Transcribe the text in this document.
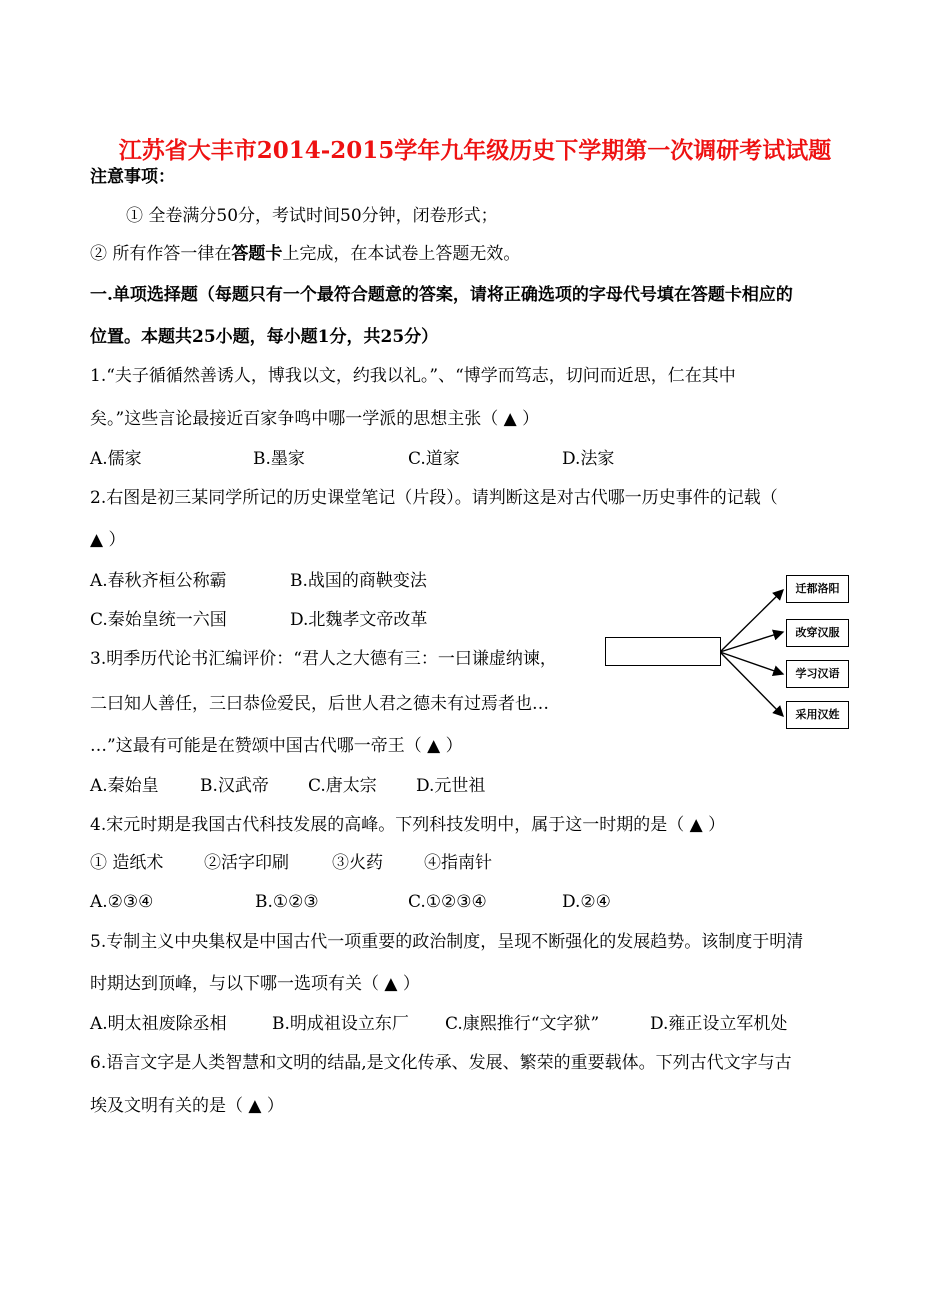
江苏省大丰市2014-2015学年九年级历史下学期第一次调研考试试题
注意事项：
① 全卷满分50分，考试时间50分钟，闭卷形式；
② 所有作答一律在答题卡上完成，在本试卷上答题无效。
一.单项选择题（每题只有一个最符合题意的答案，请将正确选项的字母代号填在答题卡相应的
位置。本题共25小题，每小题1分，共25分）
1.“夫子循循然善诱人，博我以文，约我以礼。”、“博学而笃志，切问而近思，仁在其中
矣。”这些言论最接近百家争鸣中哪一学派的思想主张（ ▲ ）
A.儒家	B.墨家	C.道家	D.法家
2.右图是初三某同学所记的历史课堂笔记（片段）。请判断这是对古代哪一历史事件的记载（
▲ ）
A.春秋齐桓公称霸	B.战国的商鞅变法
C.秦始皇统一六国	D.北魏孝文帝改革
迁都洛阳
改穿汉服
学习汉语
采用汉姓
3.明季历代论书汇编评价：“君人之大德有三：一曰谦虚纳谏，
二曰知人善任，三曰恭俭爱民，后世人君之德未有过焉者也…
…”这最有可能是在赞颂中国古代哪一帝王（ ▲ ）
A.秦始皇 B.汉武帝 C.唐太宗 D.元世祖
4.宋元时期是我国古代科技发展的高峰。下列科技发明中，属于这一时期的是（ ▲ ）
① 造纸术 ②活字印刷	③火药 ④指南针
A.②③④	B.①②③	C.①②③④	D.②④
5.专制主义中央集权是中国古代一项重要的政治制度，呈现不断强化的发展趋势。该制度于明清
时期达到顶峰，与以下哪一选项有关（ ▲ ）
A.明太祖废除丞相	B.明成祖设立东厂 C.康熙推行“文字狱”	D.雍正设立军机处
6.语言文字是人类智慧和文明的结晶,是文化传承、发展、繁荣的重要载体。下列古代文字与古
埃及文明有关的是（ ▲ ）
